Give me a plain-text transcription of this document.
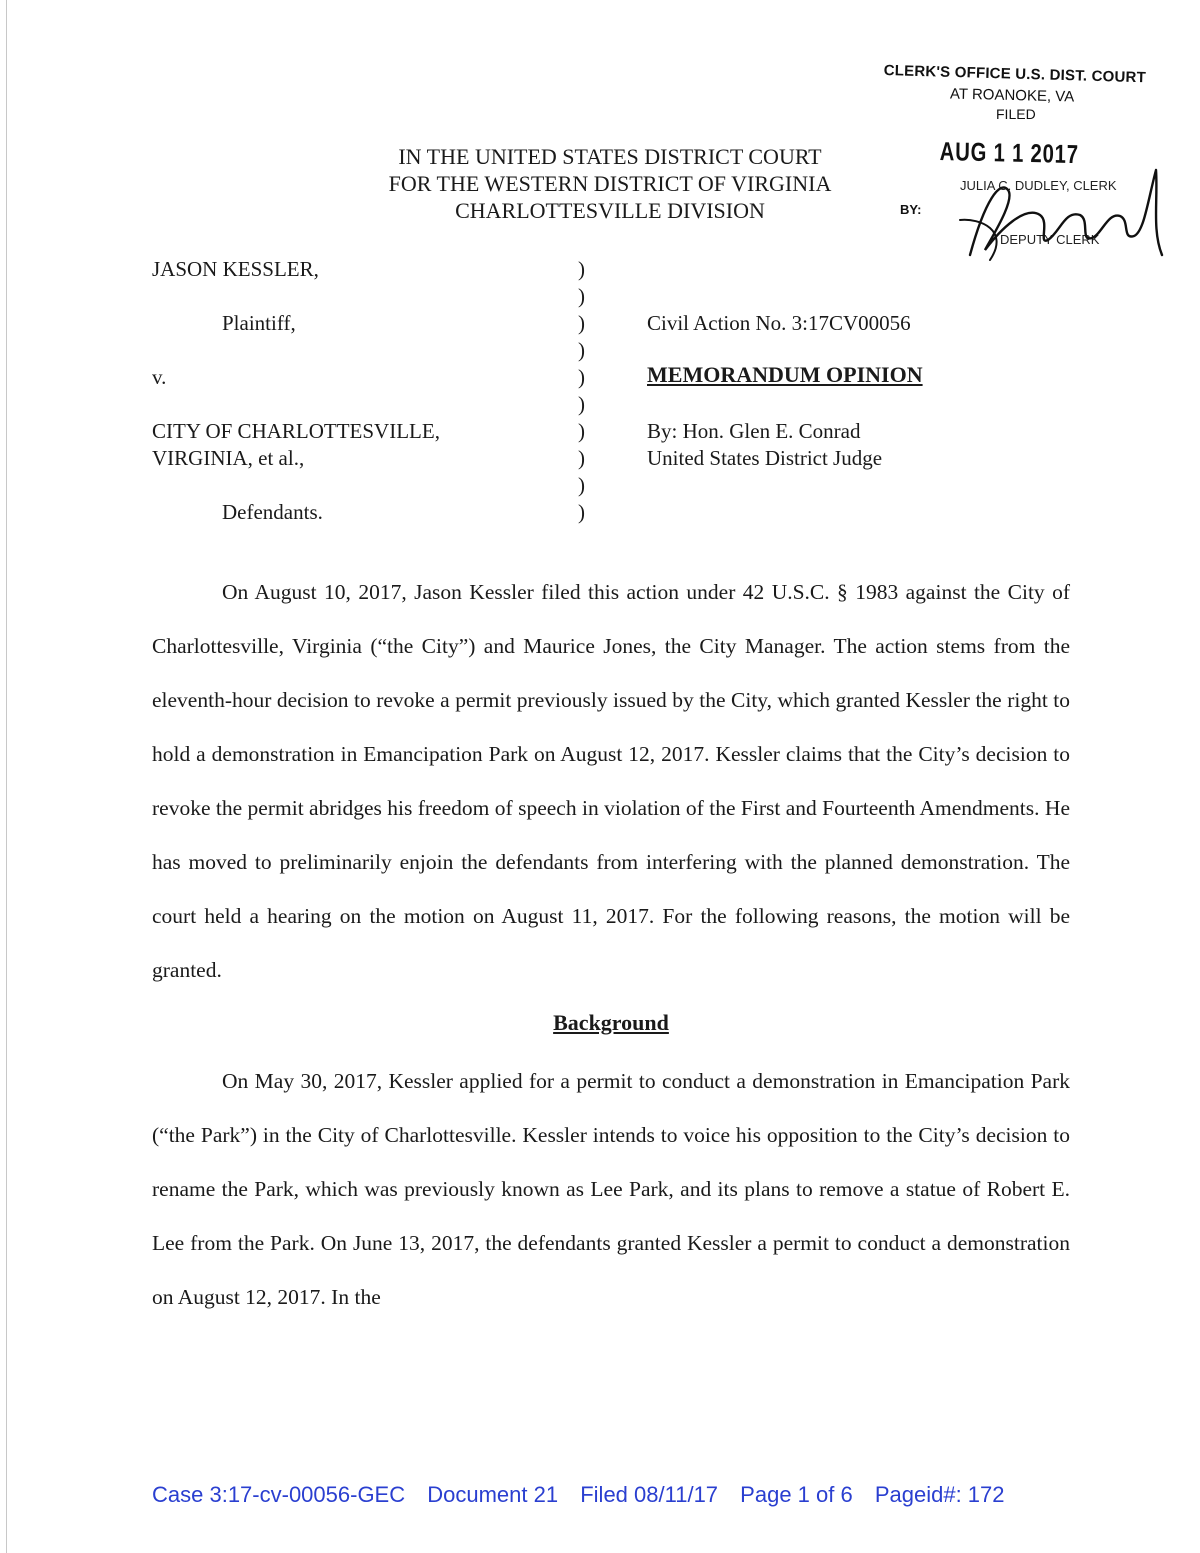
CLERK'S OFFICE U.S. DIST. COURT
AT ROANOKE, VA
FILED
AUG 1 1 2017
JULIA C. DUDLEY, CLERK
BY:
DEPUTY CLERK
IN THE UNITED STATES DISTRICT COURT
FOR THE WESTERN DISTRICT OF VIRGINIA
CHARLOTTESVILLE DIVISION
JASON KESSLER,
Plaintiff,
v.
CITY OF CHARLOTTESVILLE,
VIRGINIA, et al.,
Defendants.
)
)
)
)
)
)
)
)
)
)
Civil Action No. 3:17CV00056
MEMORANDUM OPINION
By: Hon. Glen E. Conrad
United States District Judge

On August 10, 2017, Jason Kessler filed this action under 42 U.S.C. § 1983 against the City of Charlottesville, Virginia (“the City”) and Maurice Jones, the City Manager. The action stems from the eleventh-hour decision to revoke a permit previously issued by the City, which granted Kessler the right to hold a demonstration in Emancipation Park on August 12, 2017. Kessler claims that the City’s decision to revoke the permit abridges his freedom of speech in violation of the First and Fourteenth Amendments. He has moved to preliminarily enjoin the defendants from interfering with the planned demonstration. The court held a hearing on the motion on August 11, 2017. For the following reasons, the motion will be granted.

Background

On May 30, 2017, Kessler applied for a permit to conduct a demonstration in Emancipation Park (“the Park”) in the City of Charlottesville. Kessler intends to voice his opposition to the City’s decision to rename the Park, which was previously known as Lee Park, and its plans to remove a statue of Robert E. Lee from the Park. On June 13, 2017, the defendants granted Kessler a permit to conduct a demonstration on August 12, 2017. In the

Case 3:17-cv-00056-GEC Document 21 Filed 08/11/17 Page 1 of 6 Pageid#: 172
